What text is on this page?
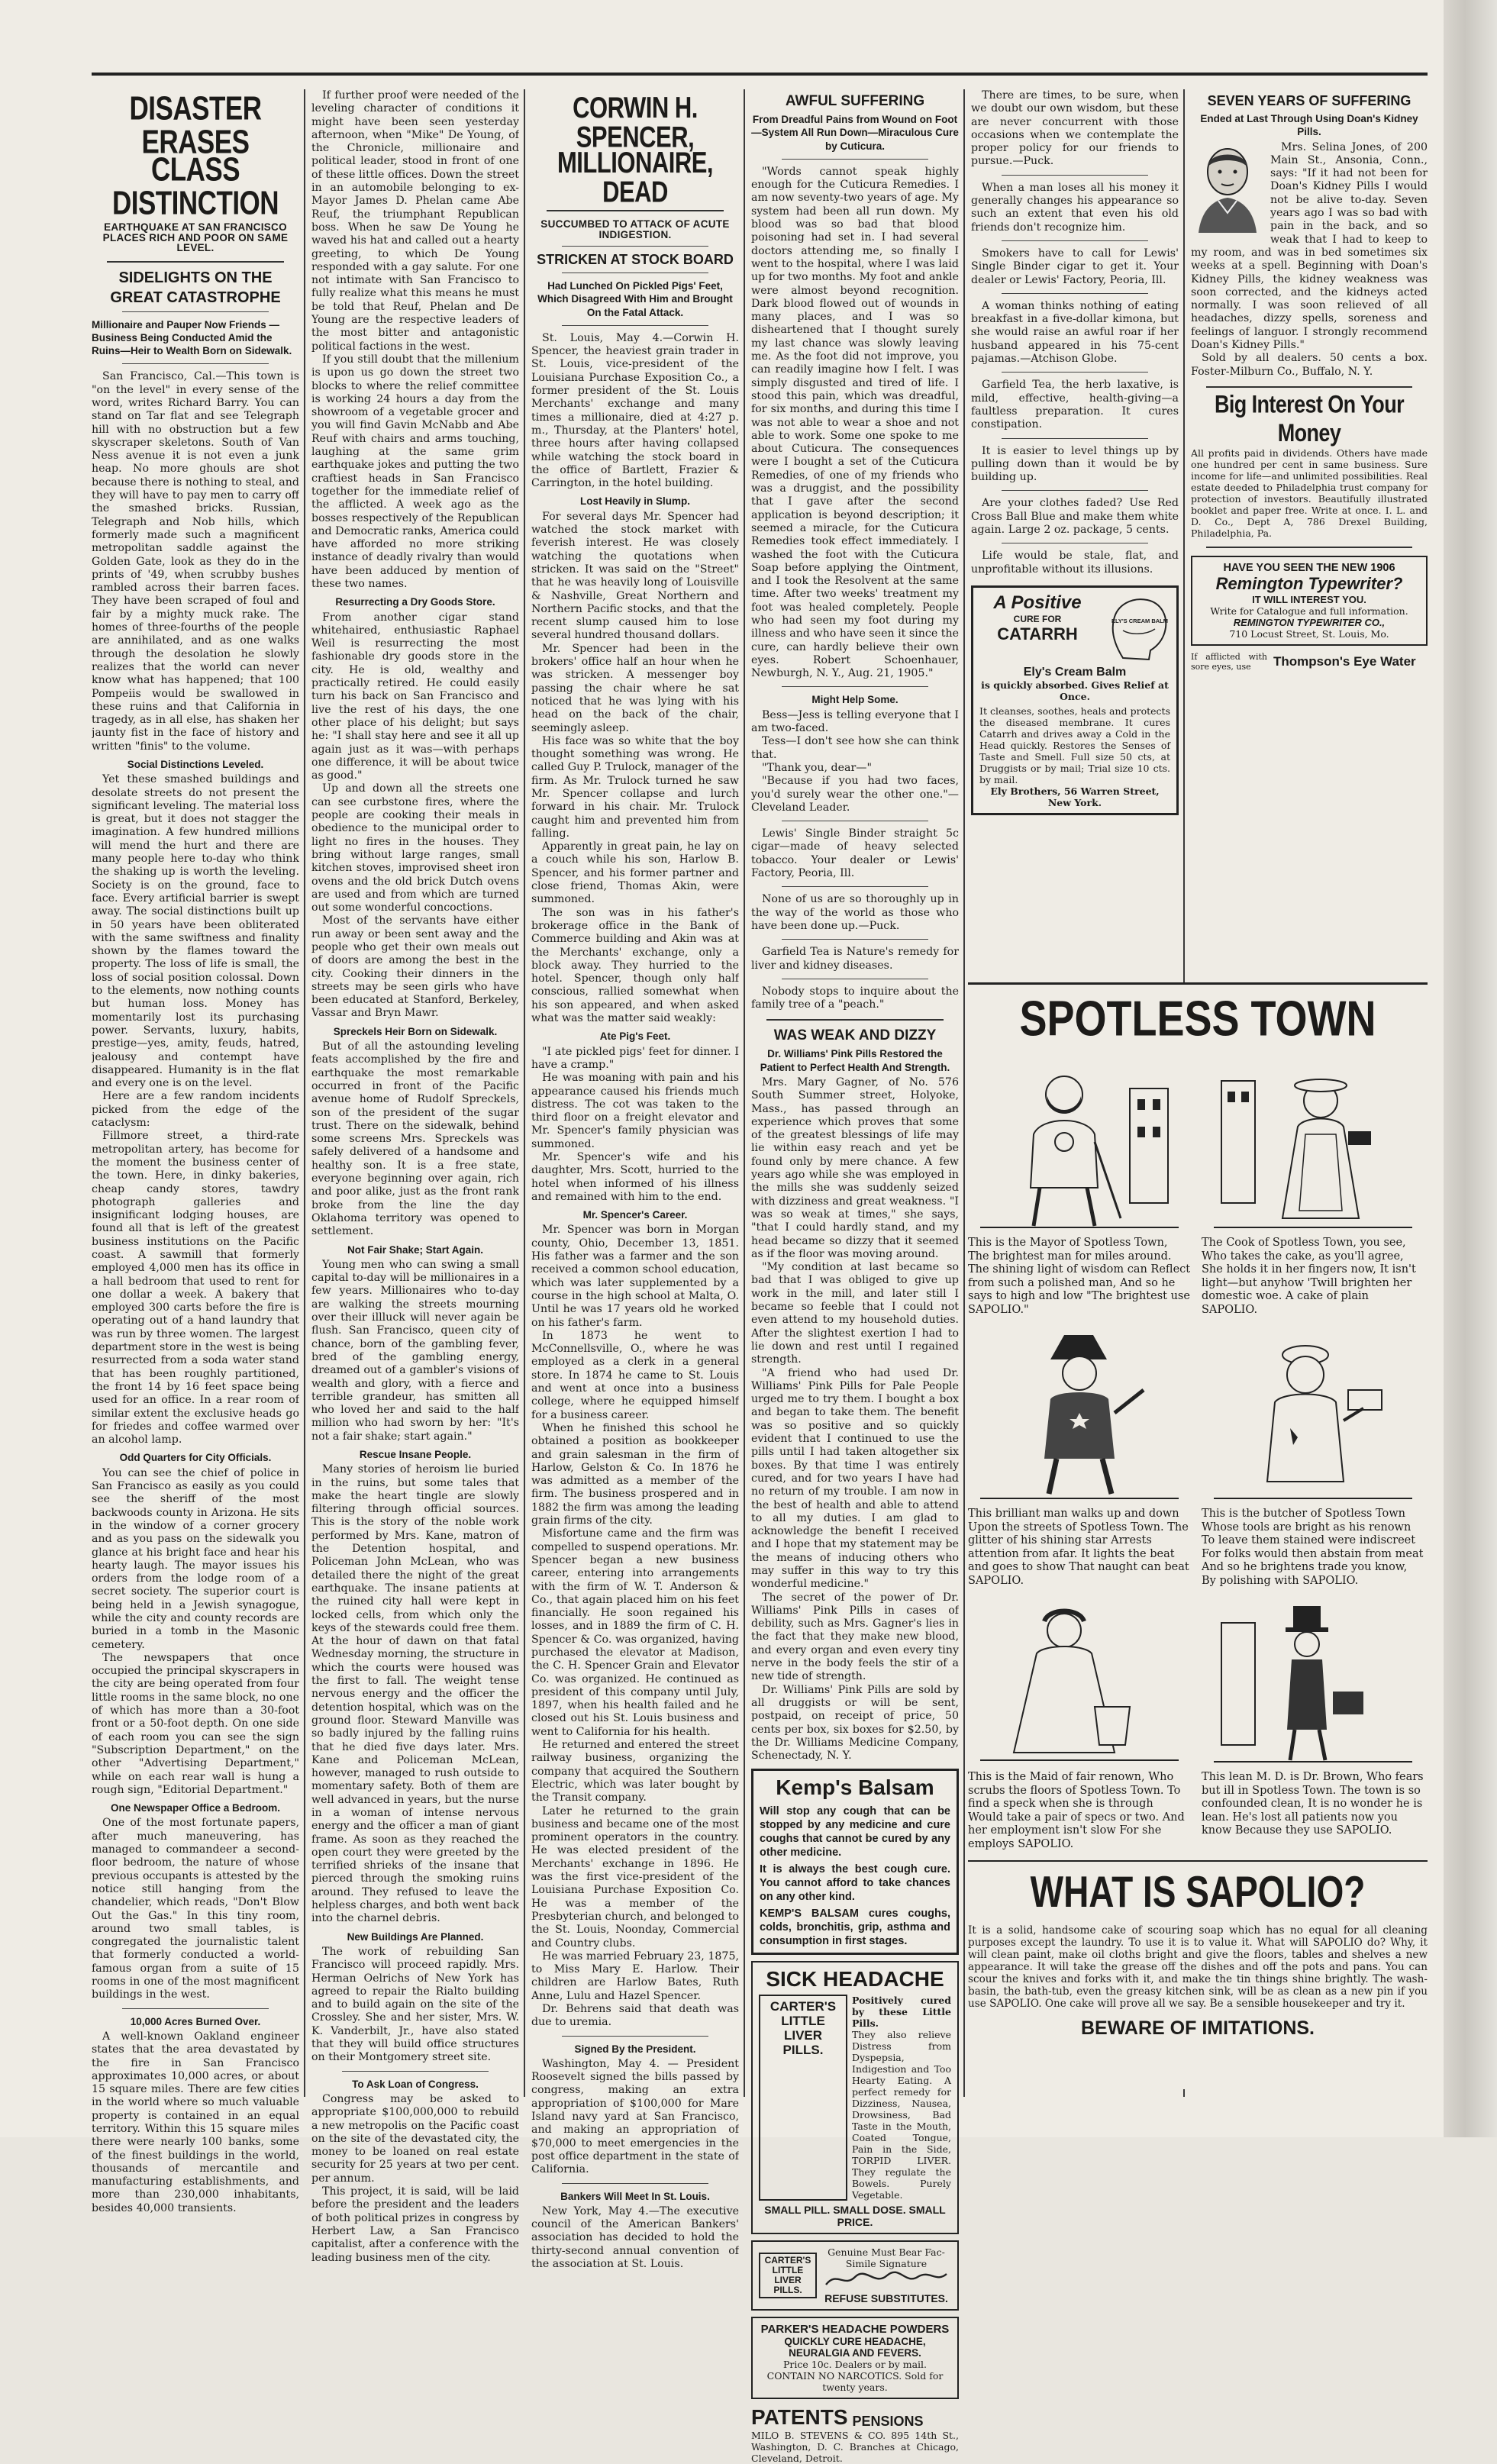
DISASTER ERASES
CLASS DISTINCTION
EARTHQUAKE AT SAN FRANCISCO PLACES RICH AND POOR ON SAME LEVEL.
SIDELIGHTS ON THE
GREAT CATASTROPHE

Millionaire and Pauper Now Friends —Business Being Conducted Amid the Ruins—Heir to Wealth Born on Sidewalk.

San Francisco, Cal.—This town is "on the level" in every sense of the word, writes Richard Barry. You can stand on Tar flat and see Telegraph hill with no obstruction but a few skyscraper skeletons. South of Van Ness avenue it is not even a junk heap. No more ghouls are shot because there is nothing to steal, and they will have to pay men to carry off the smashed bricks. Russian, Telegraph and Nob hills, which formerly made such a magnificent metropolitan saddle against the Golden Gate, look as they do in the prints of '49, when scrubby bushes rambled across their barren faces. They have been scraped of foul and fair by a mighty muck rake. The homes of three-fourths of the people are annihilated, and as one walks through the desolation he slowly realizes that the world can never know what has happened; that 100 Pompeiis would be swallowed in these ruins and that California in tragedy, as in all else, has shaken her jaunty fist in the face of history and written "finis" to the volume.

Social Distinctions Leveled.

Yet these smashed buildings and desolate streets do not present the significant leveling. The material loss is great, but it does not stagger the imagination. A few hundred millions will mend the hurt and there are many people here to-day who think the shaking up is worth the leveling. Society is on the ground, face to face. Every artificial barrier is swept away. The social distinctions built up in 50 years have been obliterated with the same swiftness and finality shown by the flames toward the property. The loss of life is small, the loss of social position colossal. Down to the elements, now nothing counts but human loss. Money has momentarily lost its purchasing power. Servants, luxury, habits, prestige—yes, amity, feuds, hatred, jealousy and contempt have disappeared. Humanity is in the flat and every one is on the level.

Here are a few random incidents picked from the edge of the cataclysm:

Fillmore street, a third-rate metropolitan artery, has become for the moment the business center of the town. Here, in dinky bakeries, cheap candy stores, tawdry photograph galleries and insignificant lodging houses, are found all that is left of the greatest business institutions on the Pacific coast. A sawmill that formerly employed 4,000 men has its office in a hall bedroom that used to rent for one dollar a week. A bakery that employed 300 carts before the fire is operating out of a hand laundry that was run by three women. The largest department store in the west is being resurrected from a soda water stand that has been roughly partitioned, the front 14 by 16 feet space being used for an office. In a rear room of similar extent the exclusive heads go for friedes and coffee warmed over an alcohol lamp.

Odd Quarters for City Officials.

You can see the chief of police in San Francisco as easily as you could see the sheriff of the most backwoods county in Arizona. He sits in the window of a corner grocery and as you pass on the sidewalk you glance at his bright face and hear his hearty laugh. The mayor issues his orders from the lodge room of a secret society. The superior court is being held in a Jewish synagogue, while the city and county records are buried in a tomb in the Masonic cemetery.

The newspapers that once occupied the principal skyscrapers in the city are being operated from four little rooms in the same block, no one of which has more than a 30-foot front or a 50-foot depth. On one side of each room you can see the sign "Subscription Department," on the other "Advertising Department," while on each rear wall is hung a rough sign, "Editorial Department."

One Newspaper Office a Bedroom.

One of the most fortunate papers, after much maneuvering, has managed to commandeer a second-floor bedroom, the nature of whose previous occupants is attested by the notice still hanging from the chandelier, which reads, "Don't Blow Out the Gas." In this tiny room, around two small tables, is congregated the journalistic talent that formerly conducted a world-famous organ from a suite of 15 rooms in one of the most magnificent buildings in the west.

10,000 Acres Burned Over.

A well-known Oakland engineer states that the area devastated by the fire in San Francisco approximates 10,000 acres, or about 15 square miles. There are few cities in the world where so much valuable property is contained in an equal territory. Within this 15 square miles there were nearly 100 banks, some of the finest buildings in the world, thousands of mercantile and manufacturing establishments, and more than 230,000 inhabitants, besides 40,000 transients.

If further proof were needed of the leveling character of conditions it might have been seen yesterday afternoon, when "Mike" De Young, of the Chronicle, millionaire and political leader, stood in front of one of these little offices. Down the street in an automobile belonging to ex-Mayor James D. Phelan came Abe Reuf, the triumphant Republican boss. When he saw De Young he waved his hat and called out a hearty greeting, to which De Young responded with a gay salute. For one not intimate with San Francisco to fully realize what this means he must be told that Reuf, Phelan and De Young are the respective leaders of the most bitter and antagonistic political factions in the west.

If you still doubt that the millenium is upon us go down the street two blocks to where the relief committee is working 24 hours a day from the showroom of a vegetable grocer and you will find Gavin McNabb and Abe Reuf with chairs and arms touching, laughing at the same grim earthquake jokes and putting the two craftiest heads in San Francisco together for the immediate relief of the afflicted. A week ago as the bosses respectively of the Republican and Democratic ranks, America could have afforded no more striking instance of deadly rivalry than would have been adduced by mention of these two names.

Resurrecting a Dry Goods Store.

From another cigar stand whitehaired, enthusiastic Raphael Weil is resurrecting the most fashionable dry goods store in the city. He is old, wealthy and practically retired. He could easily turn his back on San Francisco and live the rest of his days, the one other place of his delight; but says he: "I shall stay here and see it all up again just as it was—with perhaps one difference, it will be about twice as good."

Up and down all the streets one can see curbstone fires, where the people are cooking their meals in obedience to the municipal order to light no fires in the houses. They bring without large ranges, small kitchen stoves, improvised sheet iron ovens and the old brick Dutch ovens are used and from which are turned out some wonderful concoctions.

Most of the servants have either run away or been sent away and the people who get their own meals out of doors are among the best in the city. Cooking their dinners in the streets may be seen girls who have been educated at Stanford, Berkeley, Vassar and Bryn Mawr.

Spreckels Heir Born on Sidewalk.

But of all the astounding leveling feats accomplished by the fire and earthquake the most remarkable occurred in front of the Pacific avenue home of Rudolf Spreckels, son of the president of the sugar trust. There on the sidewalk, behind some screens Mrs. Spreckels was safely delivered of a handsome and healthy son. It is a free state, everyone beginning over again, rich and poor alike, just as the front rank broke from the line the day Oklahoma territory was opened to settlement.

Not Fair Shake; Start Again.

Young men who can swing a small capital to-day will be millionaires in a few years. Millionaires who to-day are walking the streets mourning over their illluck will never again be flush. San Francisco, queen city of chance, born of the gambling fever, bred of the gambling energy, dreamed out of a gambler's visions of wealth and glory, with a fierce and terrible grandeur, has smitten all who loved her and said to the half million who had sworn by her: "It's not a fair shake; start again."

Rescue Insane People.

Many stories of heroism lie buried in the ruins, but some tales that make the heart tingle are slowly filtering through official sources. This is the story of the noble work performed by Mrs. Kane, matron of the Detention hospital, and Policeman John McLean, who was detailed there the night of the great earthquake. The insane patients at the ruined city hall were kept in locked cells, from which only the keys of the stewards could free them. At the hour of dawn on that fatal Wednesday morning, the structure in which the courts were housed was the first to fall. The weight tense nervous energy and the officer the detention hospital, which was on the ground floor. Steward Manville was so badly injured by the falling ruins that he died five days later. Mrs. Kane and Policeman McLean, however, managed to rush outside to momentary safety. Both of them are well advanced in years, but the nurse in a woman of intense nervous energy and the officer a man of giant frame. As soon as they reached the open court they were greeted by the terrified shrieks of the insane that pierced through the smoking ruins around. They refused to leave the helpless charges, and both went back into the charnel debris.

New Buildings Are Planned.

The work of rebuilding San Francisco will proceed rapidly. Mrs. Herman Oelrichs of New York has agreed to repair the Rialto building and to build again on the site of the Crossley. She and her sister, Mrs. W. K. Vanderbilt, Jr., have also stated that they will build office structures on their Montgomery street site.

To Ask Loan of Congress.

Congress may be asked to appropriate $100,000,000 to rebuild a new metropolis on the Pacific coast on the site of the devastated city, the money to be loaned on real estate security for 25 years at two per cent. per annum.

This project, it is said, will be laid before the president and the leaders of both political prizes in congress by Herbert Law, a San Francisco capitalist, after a conference with the leading business men of the city.

CORWIN H. SPENCER,
MILLIONAIRE, DEAD
SUCCUMBED TO ATTACK OF ACUTE INDIGESTION.
STRICKEN AT STOCK BOARD

Had Lunched On Pickled Pigs' Feet, Which Disagreed With Him and Brought On the Fatal Attack.

St. Louis, May 4.—Corwin H. Spencer, the heaviest grain trader in St. Louis, vice-president of the Louisiana Purchase Exposition Co., a former president of the St. Louis Merchants' exchange and many times a millionaire, died at 4:27 p. m., Thursday, at the Planters' hotel, three hours after having collapsed while watching the stock board in the office of Bartlett, Frazier & Carrington, in the hotel building.

Lost Heavily in Slump.

For several days Mr. Spencer had watched the stock market with feverish interest. He was closely watching the quotations when stricken. It was said on the "Street" that he was heavily long of Louisville & Nashville, Great Northern and Northern Pacific stocks, and that the recent slump caused him to lose several hundred thousand dollars.

Mr. Spencer had been in the brokers' office half an hour when he was stricken. A messenger boy passing the chair where he sat noticed that he was lying with his head on the back of the chair, seemingly asleep.

His face was so white that the boy thought something was wrong. He called Guy P. Trulock, manager of the firm. As Mr. Trulock turned he saw Mr. Spencer collapse and lurch forward in his chair. Mr. Trulock caught him and prevented him from falling.

Apparently in great pain, he lay on a couch while his son, Harlow B. Spencer, and his former partner and close friend, Thomas Akin, were summoned.

The son was in his father's brokerage office in the Bank of Commerce building and Akin was at the Merchants' exchange, only a block away. They hurried to the hotel. Spencer, though only half conscious, rallied somewhat when his son appeared, and when asked what was the matter said weakly:

Ate Pig's Feet.

"I ate pickled pigs' feet for dinner. I have a cramp."

He was moaning with pain and his appearance caused his friends much distress. The cot was taken to the third floor on a freight elevator and Mr. Spencer's family physician was summoned.

Mr. Spencer's wife and his daughter, Mrs. Scott, hurried to the hotel when informed of his illness and remained with him to the end.

Mr. Spencer's Career.

Mr. Spencer was born in Morgan county, Ohio, December 13, 1851. His father was a farmer and the son received a common school education, which was later supplemented by a course in the high school at Malta, O. Until he was 17 years old he worked on his father's farm.

In 1873 he went to McConnellsville, O., where he was employed as a clerk in a general store. In 1874 he came to St. Louis and went at once into a business college, where he equipped himself for a business career.

When he finished this school he obtained a position as bookkeeper and grain salesman in the firm of Harlow, Gelston & Co. In 1876 he was admitted as a member of the firm. The business prospered and in 1882 the firm was among the leading grain firms of the city.

Misfortune came and the firm was compelled to suspend operations. Mr. Spencer began a new business career, entering into arrangements with the firm of W. T. Anderson & Co., that again placed him on his feet financially. He soon regained his losses, and in 1889 the firm of C. H. Spencer & Co. was organized, having purchased the elevator at Madison, the C. H. Spencer Grain and Elevator Co. was organized. He continued as president of this company until July, 1897, when his health failed and he closed out his St. Louis business and went to California for his health.

He returned and entered the street railway business, organizing the company that acquired the Southern Electric, which was later bought by the Transit company.

Later he returned to the grain business and became one of the most prominent operators in the country. He was elected president of the Merchants' exchange in 1896. He was the first vice-president of the Louisiana Purchase Exposition Co. He was a member of the Presbyterian church, and belonged to the St. Louis, Noonday, Commercial and Country clubs.

He was married February 23, 1875, to Miss Mary E. Harlow. Their children are Harlow Bates, Ruth Anne, Lulu and Hazel Spencer.

Dr. Behrens said that death was due to uremia.

Signed By the President.

Washington, May 4. — President Roosevelt signed the bills passed by congress, making an extra appropriation of $100,000 for Mare Island navy yard at San Francisco, and making an appropriation of $70,000 to meet emergencies in the post office department in the state of California.

Bankers Will Meet In St. Louis.

New York, May 4.—The executive council of the American Bankers' association has decided to hold the thirty-second annual convention of the association at St. Louis.

AWFUL SUFFERING

From Dreadful Pains from Wound on Foot—System All Run Down—Miraculous Cure by Cuticura.

"Words cannot speak highly enough for the Cuticura Remedies. I am now seventy-two years of age. My system had been all run down. My blood was so bad that blood poisoning had set in. I had several doctors attending me, so finally I went to the hospital, where I was laid up for two months. My foot and ankle were almost beyond recognition. Dark blood flowed out of wounds in many places, and I was so disheartened that I thought surely my last chance was slowly leaving me. As the foot did not improve, you can readily imagine how I felt. I was simply disgusted and tired of life. I stood this pain, which was dreadful, for six months, and during this time I was not able to wear a shoe and not able to work. Some one spoke to me about Cuticura. The consequences were I bought a set of the Cuticura Remedies, of one of my friends who was a druggist, and the possibility that I gave after the second application is beyond description; it seemed a miracle, for the Cuticura Remedies took effect immediately. I washed the foot with the Cuticura Soap before applying the Ointment, and I took the Resolvent at the same time. After two weeks' treatment my foot was healed completely. People who had seen my foot during my illness and who have seen it since the cure, can hardly believe their own eyes. Robert Schoenhauer, Newburgh, N. Y., Aug. 21, 1905."

Might Help Some.

Bess—Jess is telling everyone that I am two-faced.

Tess—I don't see how she can think that.

"Thank you, dear—"

"Because if you had two faces, you'd surely wear the other one."—Cleveland Leader.

Lewis' Single Binder straight 5c cigar—made of heavy selected tobacco. Your dealer or Lewis' Factory, Peoria, Ill.

None of us are so thoroughly up in the way of the world as those who have been done up.—Puck.

Garfield Tea is Nature's remedy for liver and kidney diseases.

Nobody stops to inquire about the family tree of a "peach."

WAS WEAK AND DIZZY

Dr. Williams' Pink Pills Restored the Patient to Perfect Health And Strength.

Mrs. Mary Gagner, of No. 576 South Summer street, Holyoke, Mass., has passed through an experience which proves that some of the greatest blessings of life may lie within easy reach and yet be found only by mere chance. A few years ago while she was employed in the mills she was suddenly seized with dizziness and great weakness. "I was so weak at times," she says, "that I could hardly stand, and my head became so dizzy that it seemed as if the floor was moving around.

"My condition at last became so bad that I was obliged to give up work in the mill, and later still I became so feeble that I could not even attend to my household duties. After the slightest exertion I had to lie down and rest until I regained strength.

"A friend who had used Dr. Williams' Pink Pills for Pale People urged me to try them. I bought a box and began to take them. The benefit was so positive and so quickly evident that I continued to use the pills until I had taken altogether six boxes. By that time I was entirely cured, and for two years I have had no return of my trouble. I am now in the best of health and able to attend to all my duties. I am glad to acknowledge the benefit I received and I hope that my statement may be the means of inducing others who may suffer in this way to try this wonderful medicine."

The secret of the power of Dr. Williams' Pink Pills in cases of debility, such as Mrs. Gagner's lies in the fact that they make new blood, and every organ and even every tiny nerve in the body feels the stir of a new tide of strength.

Dr. Williams' Pink Pills are sold by all druggists or will be sent, postpaid, on receipt of price, 50 cents per box, six boxes for $2.50, by the Dr. Williams Medicine Company, Schenectady, N. Y.

Kemp's Balsam

Will stop any cough that can be stopped by any medicine and cure coughs that cannot be cured by any other medicine.

It is always the best cough cure. You cannot afford to take chances on any other kind.

KEMP'S BALSAM cures coughs, colds, bronchitis, grip, asthma and consumption in first stages.

SICK HEADACHE
CARTER'S LITTLE LIVER PILLS.

Positively cured by these Little Pills.

They also relieve Distress from Dyspepsia, Indigestion and Too Hearty Eating. A perfect remedy for Dizziness, Nausea, Drowsiness, Bad Taste in the Mouth, Coated Tongue, Pain in the Side, TORPID LIVER. They regulate the Bowels. Purely Vegetable.

SMALL PILL. SMALL DOSE. SMALL PRICE.
CARTER'S LITTLE LIVER PILLS.
Genuine Must Bear Fac-Simile Signature
REFUSE SUBSTITUTES.
PARKER'S HEADACHE POWDERS
QUICKLY CURE HEADACHE, NEURALGIA AND FEVERS.
Price 10c. Dealers or by mail. CONTAIN NO NARCOTICS. Sold for twenty years.
PATENTS PENSIONS
MILO B. STEVENS & CO. 895 14th St., Washington, D. C. Branches at Chicago, Cleveland, Detroit.

There are times, to be sure, when we doubt our own wisdom, but these are never concurrent with those occasions when we contemplate the proper policy for our friends to pursue.—Puck.

When a man loses all his money it generally changes his appearance so such an extent that even his old friends don't recognize him.

Smokers have to call for Lewis' Single Binder cigar to get it. Your dealer or Lewis' Factory, Peoria, Ill.

A woman thinks nothing of eating breakfast in a five-dollar kimona, but she would raise an awful roar if her husband appeared in his 75-cent pajamas.—Atchison Globe.

Garfield Tea, the herb laxative, is mild, effective, health-giving—a faultless preparation. It cures constipation.

It is easier to level things up by pulling down than it would be by building up.

Are your clothes faded? Use Red Cross Ball Blue and make them white again. Large 2 oz. package, 5 cents.

Life would be stale, flat, and unprofitable without its illusions.

A Positive
CURE FOR
CATARRH
ELY'S CREAM BALM
Ely's Cream Balm
is quickly absorbed. Gives Relief at Once.

It cleanses, soothes, heals and protects the diseased membrane. It cures Catarrh and drives away a Cold in the Head quickly. Restores the Senses of Taste and Smell. Full size 50 cts, at Druggists or by mail; Trial size 10 cts. by mail.

Ely Brothers, 56 Warren Street, New York.

SEVEN YEARS OF SUFFERING

Ended at Last Through Using Doan's Kidney Pills.

Mrs. Selina Jones, of 200 Main St., Ansonia, Conn., says: "If it had not been for Doan's Kidney Pills I would not be alive to-day. Seven years ago I was so bad with pain in the back, and so weak that I had to keep to my room, and was in bed sometimes six weeks at a spell. Beginning with Doan's Kidney Pills, the kidney weakness was soon corrected, and the kidneys acted normally. I was soon relieved of all headaches, dizzy spells, soreness and feelings of languor. I strongly recommend Doan's Kidney Pills."

Sold by all dealers. 50 cents a box. Foster-Milburn Co., Buffalo, N. Y.

Big Interest On Your Money

All profits paid in dividends. Others have made one hundred per cent in same business. Sure income for life—and unlimited possibilities. Real estate deeded to Philadelphia trust company for protection of investors. Beautifully illustrated booklet and paper free. Write at once. I. L. and D. Co., Dept A, 786 Drexel Building, Philadelphia, Pa.

HAVE YOU SEEN THE NEW 1906
Remington Typewriter?
IT WILL INTEREST YOU.
Write for Catalogue and full information.
REMINGTON TYPEWRITER CO.,
710 Locust Street, St. Louis, Mo.
If afflicted with sore eyes, use	Thompson's Eye Water
SPOTLESS TOWN

This is the Mayor of Spotless Town, The brightest man for miles around. The shining light of wisdom can Reflect from such a polished man, And so he says to high and low "The brightest use SAPOLIO."

The Cook of Spotless Town, you see, Who takes the cake, as you'll agree, She holds it in her fingers now, It isn't light—but anyhow 'Twill brighten her domestic woe. A cake of plain SAPOLIO.

This brilliant man walks up and down Upon the streets of Spotless Town. The glitter of his shining star Arrests attention from afar. It lights the beat and goes to show That naught can beat SAPOLIO.

This is the butcher of Spotless Town Whose tools are bright as his renown To leave them stained were indiscreet For folks would then abstain from meat And so he brightens trade you know, By polishing with SAPOLIO.

This is the Maid of fair renown, Who scrubs the floors of Spotless Town. To find a speck when she is through Would take a pair of specs or two. And her employment isn't slow For she employs SAPOLIO.

This lean M. D. is Dr. Brown, Who fears but ill in Spotless Town. The town is so confounded clean, It is no wonder he is lean. He's lost all patients now you know Because they use SAPOLIO.

WHAT IS SAPOLIO?

It is a solid, handsome cake of scouring soap which has no equal for all cleaning purposes except the laundry. To use it is to value it. What will SAPOLIO do? Why, it will clean paint, make oil cloths bright and give the floors, tables and shelves a new appearance. It will take the grease off the dishes and off the pots and pans. You can scour the knives and forks with it, and make the tin things shine brightly. The wash-basin, the bath-tub, even the greasy kitchen sink, will be as clean as a new pin if you use SAPOLIO. One cake will prove all we say. Be a sensible housekeeper and try it.

BEWARE OF IMITATIONS.
